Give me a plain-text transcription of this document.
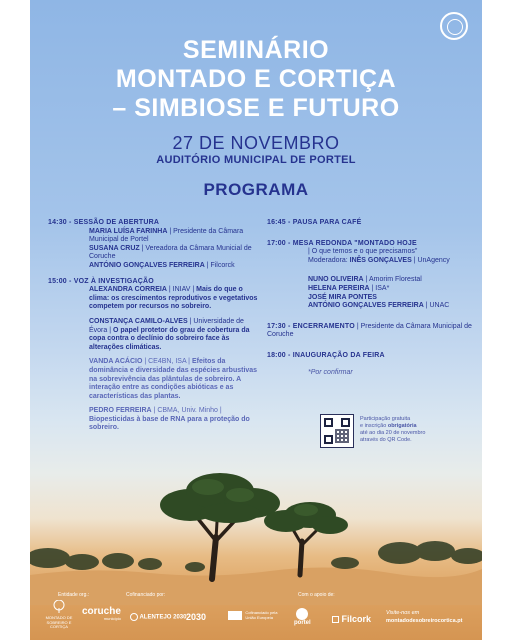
SEMINÁRIO
MONTADO E CORTIÇA
– SIMBIOSE E FUTURO
27 DE NOVEMBRO
AUDITÓRIO MUNICIPAL DE PORTEL
PROGRAMA
14:30 - SESSÃO DE ABERTURA
MARIA LUÍSA FARINHA | Presidente da Câmara Municipal de Portel
SUSANA CRUZ | Vereadora da Câmara Municial de Coruche
ANTÓNIO GONÇALVES FERREIRA | Filcorck
15:00 - VOZ À INVESTIGAÇÃO
ALEXANDRA CORREIA | INIAV | Mais do que o clima: os crescimentos reprodutivos e vegetativos competem por recursos no sobreiro.
CONSTANÇA CAMILO-ALVES | Universidade de Évora | O papel protetor do grau de cobertura da copa contra o declínio do sobreiro face às alterações climáticas.
VANDA ACÁCIO | CE4BN, ISA | Efeitos da dominância e diversidade das espécies arbustivas na sobrevivência das plântulas de sobreiro. A interação entre as condições abióticas e as características das plantas.
PEDRO FERREIRA | CBMA, Univ. Minho | Biopesticidas à base de RNA para a proteção do sobreiro.
16:45 - PAUSA PARA CAFÉ
17:00 - MESA REDONDA "MONTADO HOJE
| O que temos e o que precisamos"
Moderadora: INÊS GONÇALVES | UnAgency
NUNO OLIVEIRA | Amorim Florestal
HELENA PEREIRA | ISA*
JOSÉ MIRA PONTES
ANTÓNIO GONÇALVES FERREIRA | UNAC
17:30 - ENCERRAMENTO | Presidente da Câmara Municipal de Coruche
18:00 - INAUGURAÇÃO DA FEIRA
*Por confirmar
Participação gratuita
e inscrição obrigatória
até ao dia 20 de novembro
através do QR Code.
Entidade org.:	Cofinanciado por:	Com o apoio de:
MONTADO DE SOBREIRO E CORTIÇA
coruche
município	ALENTEJO 2030 2030	Cofinanciado pela União Europeia
portel	Filcork
Visite-nos em
montadodesobreirocortica.pt
